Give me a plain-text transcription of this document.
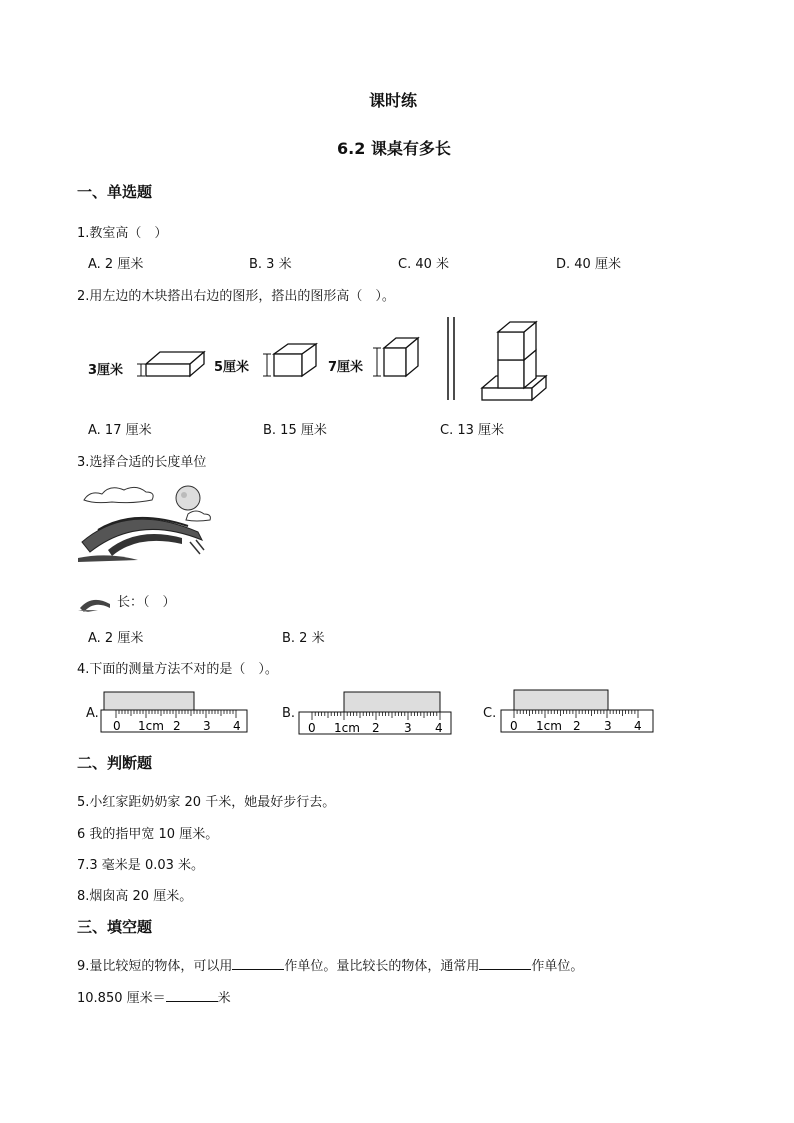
课时练
6.2 课桌有多长
一、单选题
1.教室高（　）
A. 2 厘米	B. 3 米	C. 40 米	D. 40 厘米
2.用左边的木块搭出右边的图形，搭出的图形高（　）。
3厘米	5厘米	7厘米
A. 17 厘米	B. 15 厘米	C. 13 厘米
3.选择合适的长度单位
长：（　）
A. 2 厘米	B. 2 米
4.下面的测量方法不对的是（　）。
A.
0 1cm 2 3 4
B.
0 1cm 2 3 4
C.
0 1cm 2 3 4
二、判断题
5.小红家距奶奶家 20 千米，她最好步行去。
6 我的指甲宽 10 厘米。
7.3 毫米是 0.03 米。
8.烟囱高 20 厘米。
三、填空题
9.量比较短的物体，可以用	作单位。量比较长的物体，通常用	作单位。
10.850 厘米＝	米
